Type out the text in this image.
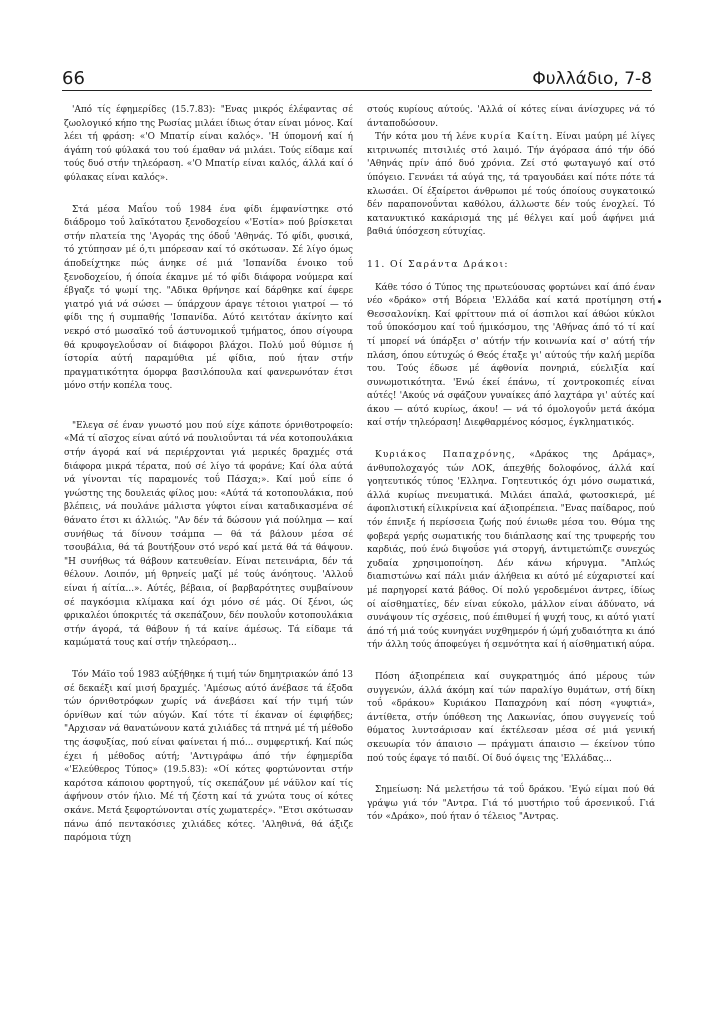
66	Φυλλάδιο, 7-8

'Από τίς έφημερίδες (15.7.83): "Ενας μικρός έλέφαντας σέ ζωολογικό κήπο της Ρωσίας μιλάει ίδιως όταν είναι μόνος. Καί λέει τή φράση: «'Ο Μπατίρ είναι καλός». 'Η ύπομονή καί ή άγάπη τού φύλακά του τού έμαθαν νά μιλάει. Τούς είδαμε καί τούς δυό στήν τηλεόραση. «'Ο Μπατίρ είναι καλός, άλλά καί ό φύλακας είναι καλός».

Στά μέσα Μαΐου τοΰ 1984 ένα φίδι έμφανίστηκε στό διάδρομο τοΰ λαϊκότατου ξενοδοχείου «'Εστία» πού βρίσκεται στήν πλατεία της 'Αγοράς της όδοΰ 'Αθηνάς. Τό φίδι, φυσικά, τό χτύπησαν μέ ό,τι μπόρεσαν καί τό σκότωσαν. Σέ λίγο όμως άποδείχτηκε πώς άνηκε σέ μιά 'Ισπανίδα ένοικο τοΰ ξενοδοχείου, ή όποία έκαμνε μέ τό φίδι διάφορα νούμερα καί έβγαζε τό ψωμί της. "Αδικα θρήνησε καί δάρθηκε καί έφερε γιατρό γιά νά σώσει — ύπάρχουν άραγε τέτοιοι γιατροί — τό φίδι της ή συμπαθής 'Ισπανίδα. Αύτό κειτόταν άκίνητο καί νεκρό στό μωσαϊκό τοΰ άστυνομικοΰ τμήματος, όπου σίγουρα θά κρυφογελοΰσαν οί διάφοροι βλάχοι. Πολύ μοΰ θύμισε ή ίστορία αύτή παραμύθια μέ φίδια, πού ήταν στήν πραγματικότητα όμορφα βασιλόπουλα καί φανερωνόταν έτσι μόνο στήν κοπέλα τους.

"Ελεγα σέ έναν γνωστό μου πού είχε κάποτε όρνιθοτροφείο: «Μά τί αϊσχος είναι αύτό νά πουλιοΰνται τά νέα κοτοπουλάκια στήν άγορά καί νά περιέρχονται γιά μερικές δραχμές στά διάφορα μικρά τέρατα, πού σέ λίγο τά φοράνε; Καί όλα αύτά νά γίνονται τίς παραμονές τοΰ Πάσχα;». Καί μοΰ είπε ό γνώστης της δουλειάς φίλος μου: «Αύτά τά κοτοπουλάκια, πού βλέπεις, νά πουλάνε μάλιστα γύφτοι είναι καταδικασμένα σέ θάνατο έτσι κι άλλιώς. "Αν δέν τά δώσουν γιά πούλημα — καί συνήθως τά δίνουν τσάμπα — θά τά βάλουν μέσα σέ τσουβάλια, θά τά βουτήξουν στό νερό καί μετά θά τά θάψουν. "Η συνήθως τά θάβουν κατευθείαν. Είναι πετεινάρια, δέν τά θέλουν. Λοιπόν, μή θρηνείς μαζί μέ τούς άνόητους. 'Αλλοΰ είναι ή αίτία...». Αύτές, βέβαια, οί βαρβαρότητες συμβαίνουν σέ παγκόσμια κλίμακα καί όχι μόνο σέ μάς. Οί ξένοι, ώς φρικαλέοι ύποκριτές τά σκεπάζουν, δέν πουλοΰν κοτοπουλάκια στήν άγορά, τά θάβουν ή τά καίνε άμέσως. Τά είδαμε τά καμώματά τους καί στήν τηλεόραση...

Τόν Μάϊο τοΰ 1983 αύξήθηκε ή τιμή τών δημητριακών άπό 13 σέ δεκαέξι καί μισή δραχμές. 'Αμέσως αύτό άνέβασε τά έξοδα τών όρνιθοτρόφων χωρίς νά άνεβάσει καί τήν τιμή τών όρνίθων καί τών αύγών. Καί τότε τί έκαναν οί έφιφήδες; "Αρχισαν νά θανατώνουν κατά χιλιάδες τά πτηνά μέ τή μέθοδο της άσφυξίας, πού είναι φαίνεται ή πιό... συμφερτική. Καί πώς έχει ή μέθοδος αύτή; 'Αντιγράφω άπό τήν έφημερίδα «'Ελεύθερος Τύπος» (19.5.83): «Οί κότες φορτώνονται στήν καρότσα κάποιου φορτηγοΰ, τίς σκεπάζουν μέ νάϋλον καί τίς άφήνουν στόν ήλιο. Μέ τή ζέστη καί τά χνώτα τους οί κότες σκάνε. Μετά ξεφορτώνονται στίς χωματερές». "Ετσι σκότωσαν πάνω άπό πενταкόσιες χιλιάδες κότες. 'Αληθινά, θά άξιζε παρόμοια τύχη

στούς κυρίους αύτούς. 'Αλλά οί κότες είναι άνίσχυρες νά τό άνταποδώσουν.

Τήν κότα μου τή λένε κυρία Καίτη. Είναι μαύρη μέ λίγες κιτρινωπές πιτσιλιές στό λαιμό. Τήν άγόρασα άπό τήν όδό 'Αθηνάς πρίν άπό δυό χρόνια. Ζεί στό φωταγωγό καί στό ύπόγειο. Γεννάει τά αύγά της, τά τραγουδάει καί πότε πότε τά κλωσάει. Οί έξαίρετοι άνθρωποι μέ τούς όποίους συγκατοικώ δέν παραπονοΰνται καθόλου, άλλωστε δέν τούς ένοχλεί. Τό κατανυκτικό κακάρισμά της μέ θέλγει καί μοΰ άφήνει μιά βαθιά ύπόσχεση εύτυχίας.

11. Οί Σαράντα Δράκοι:

Κάθε τόσο ό Τύπος της πρωτεύουσας φορτώνει καί άπό έναν νέο «δράκο» στή Βόρεια 'Ελλάδα καί κατά προτίμηση στή Θεσσαλονίκη. Καί φρίττουν πιά οί άσπιλοι καί άθώοι κύκλοι τοΰ ύποκόσμου καί τοΰ ήμικόσμου, της 'Αθήνας άπό τό τί καί τί μπορεί νά ύπάρξει σ' αύτήν τήν κοινωνία καί σ' αύτή τήν πλάση, όπου εύτυχώς ό Θεός έταξε γι' αύτούς τήν καλή μερίδα του. Τούς έδωσε μέ άφθονία πονηριά, εύελιξία καί συνωμοτικότητα. 'Ενώ έκεί έπάνω, τί χοντροκοπιές είναι αύτές! 'Ακούς νά σφάζουν γυναίκες άπό λαχτάρα γι' αύτές καί άκου — αύτό κυρίως, άκου! — νά τό όμολογοΰν μετά άκόμα καί στήν τηλεόραση! Διεφθαρμένος κόσμος, έγκληματικός.

Κυριάκος Παπαχρόνης, «Δράκος της Δράμας», άνθυπολοχαγός τών ΛΟΚ, άπεχθής δολοφόνος, άλλά καί γοητευτικός τύπος 'Ελληνα. Γοητευτικός όχι μόνο σωματικά, άλλά κυρίως πνευματικά. Μιλάει άπαλά, φωτοσκιερά, μέ άφοπλιστική είλικρίνεια καί άξιοπρέπεια. "Ενας παίδαρος, πού τόν έπνιξε ή περίσσεια ζωής πού ένιωθε μέσα του. Θύμα της φοβερά γερής σωματικής του διάπλασης καί της τρυφερής του καρδιάς, πού ένώ διψοΰσε γιά στοργή, άντιμετώπιζε συνεχώς χυδαία χρησιμοποίηση. Δέν κάνω κήρυγμα. "Απλώς διαπιστώνω καί πάλι μιάν άλήθεια κι αύτό μέ εύχαριστεί καί μέ παρηγορεί κατά βάθος. Οί πολύ γεροδεμένοι άντρες, ίδίως οί αίσθηματίες, δέν είναι εύκολο, μάλλον είναι άδύνατο, νά συνάψουν τίς σχέσεις, πού έπιθυμεί ή ψυχή τους, κι αύτό γιατί άπό τή μιά τούς κυνηγάει νυχθημερόν ή ώμή χυδαιότητα κι άπό τήν άλλη τούς άποφεύγει ή σεμνότητα καί ή αίσθηματική αύρα.

Πόση άξιοπρέπεια καί συγκρατημός άπό μέρους τών συγγενών, άλλά άκόμη καί τών παραλίγο θυμάτων, στή δίκη τοΰ «δράκου» Κυριάκου Παπαχρόνη καί πόση «γυφτιά», άντίθετα, στήν ύπόθεση της Λακωνίας, όπου συγγενείς τοΰ θύματος λυντσάρισαν καί έκτέλεσαν μέσα σέ μιά γενική σκευωρία τόν άπαισιο — πράγματι άπαισιο — έκείνον τύπο πού τούς έφαγε τό παιδί. Οί δυό όψεις της 'Ελλάδας...

Σημείωση: Νά μελετήσω τά τοΰ δράκου. 'Εγώ είμαι πού θά γράψω γιά τόν "Αντρα. Γιά τό μυστήριο τοΰ άρσενικοΰ. Γιά τόν «Δράκο», πού ήταν ό τέλειος "Αντρας.
